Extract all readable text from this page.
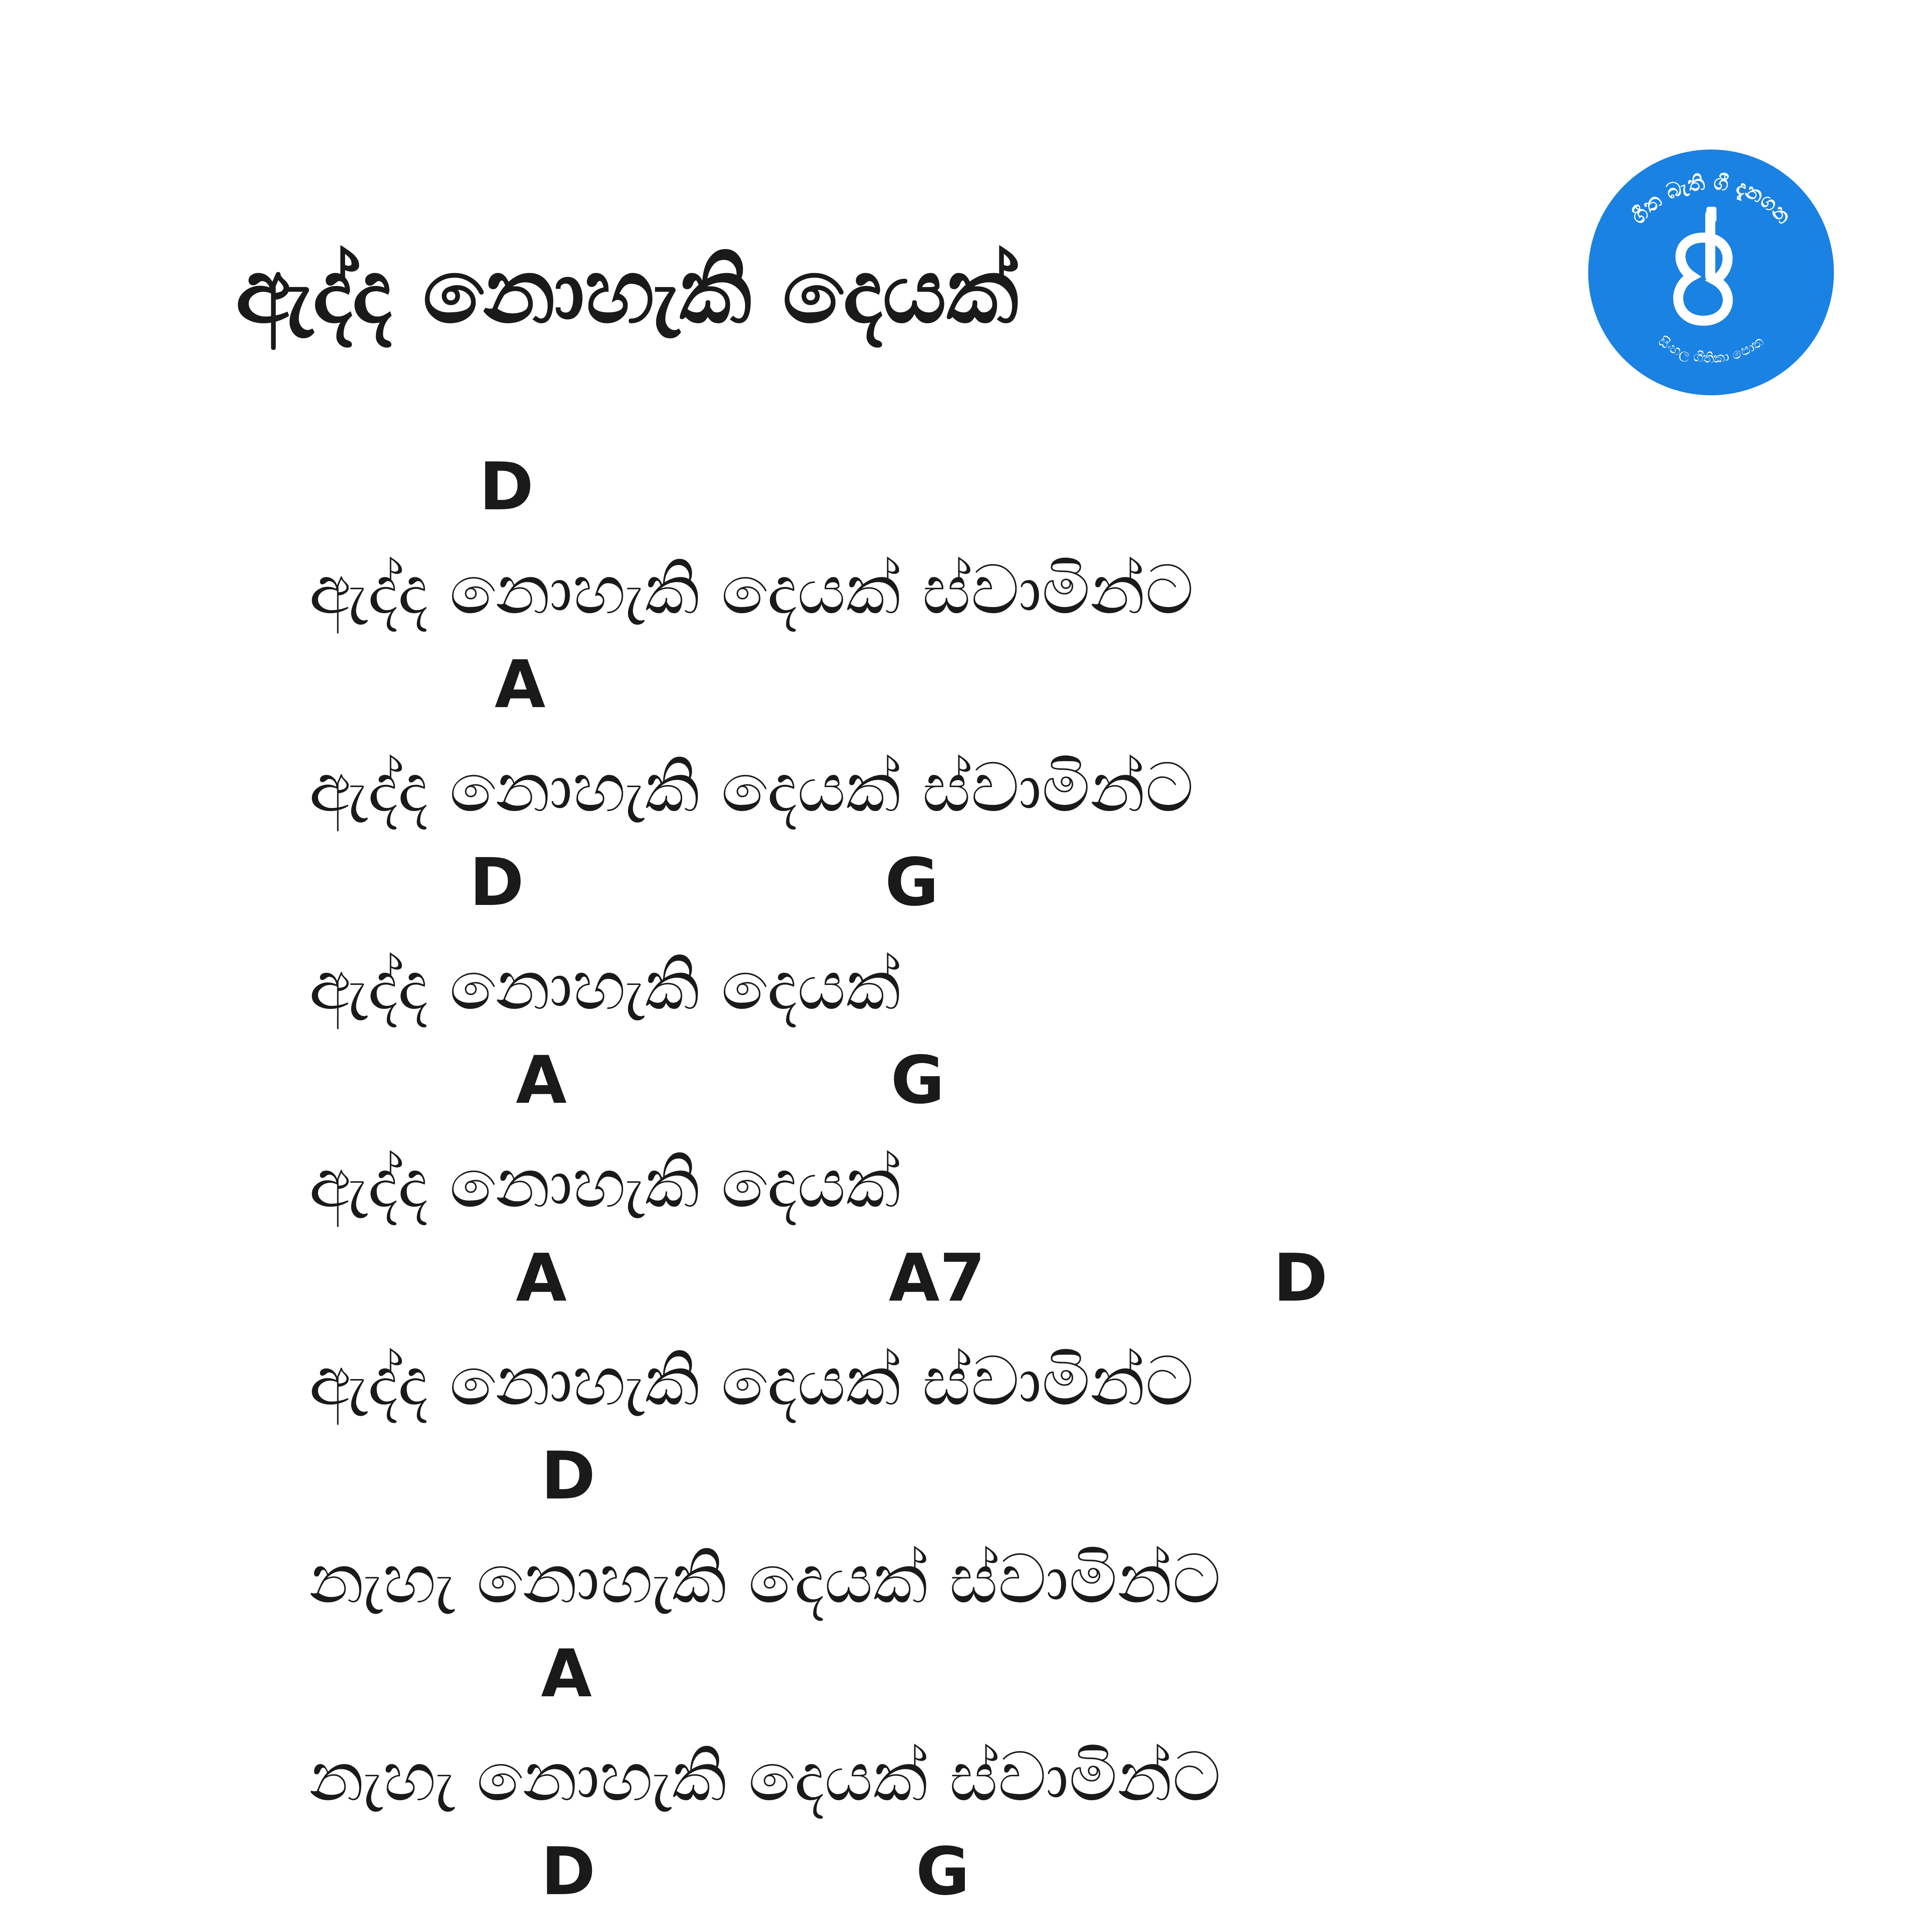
ඇද්ද නොහැකි දෙයක්
ගීත බැති ගී දැනගන
සිංහල ගීතිකා පොත
D
ඇද්ද නොහැකි දෙයක් ස්වාමින්ට
A
ඇද්ද නොහැකි දෙයක් ස්වාමින්ට
D	G
ඇද්ද නොහැකි දෙයක්
A	G
ඇද්ද නොහැකි දෙයක්
A	A7	D
ඇද්ද නොහැකි දෙයක් ස්වාමින්ට
D
නැහැ නොහැකි දෙයක් ස්වාමින්ට
A
නැහැ නොහැකි දෙයක් ස්වාමින්ට
D	G
